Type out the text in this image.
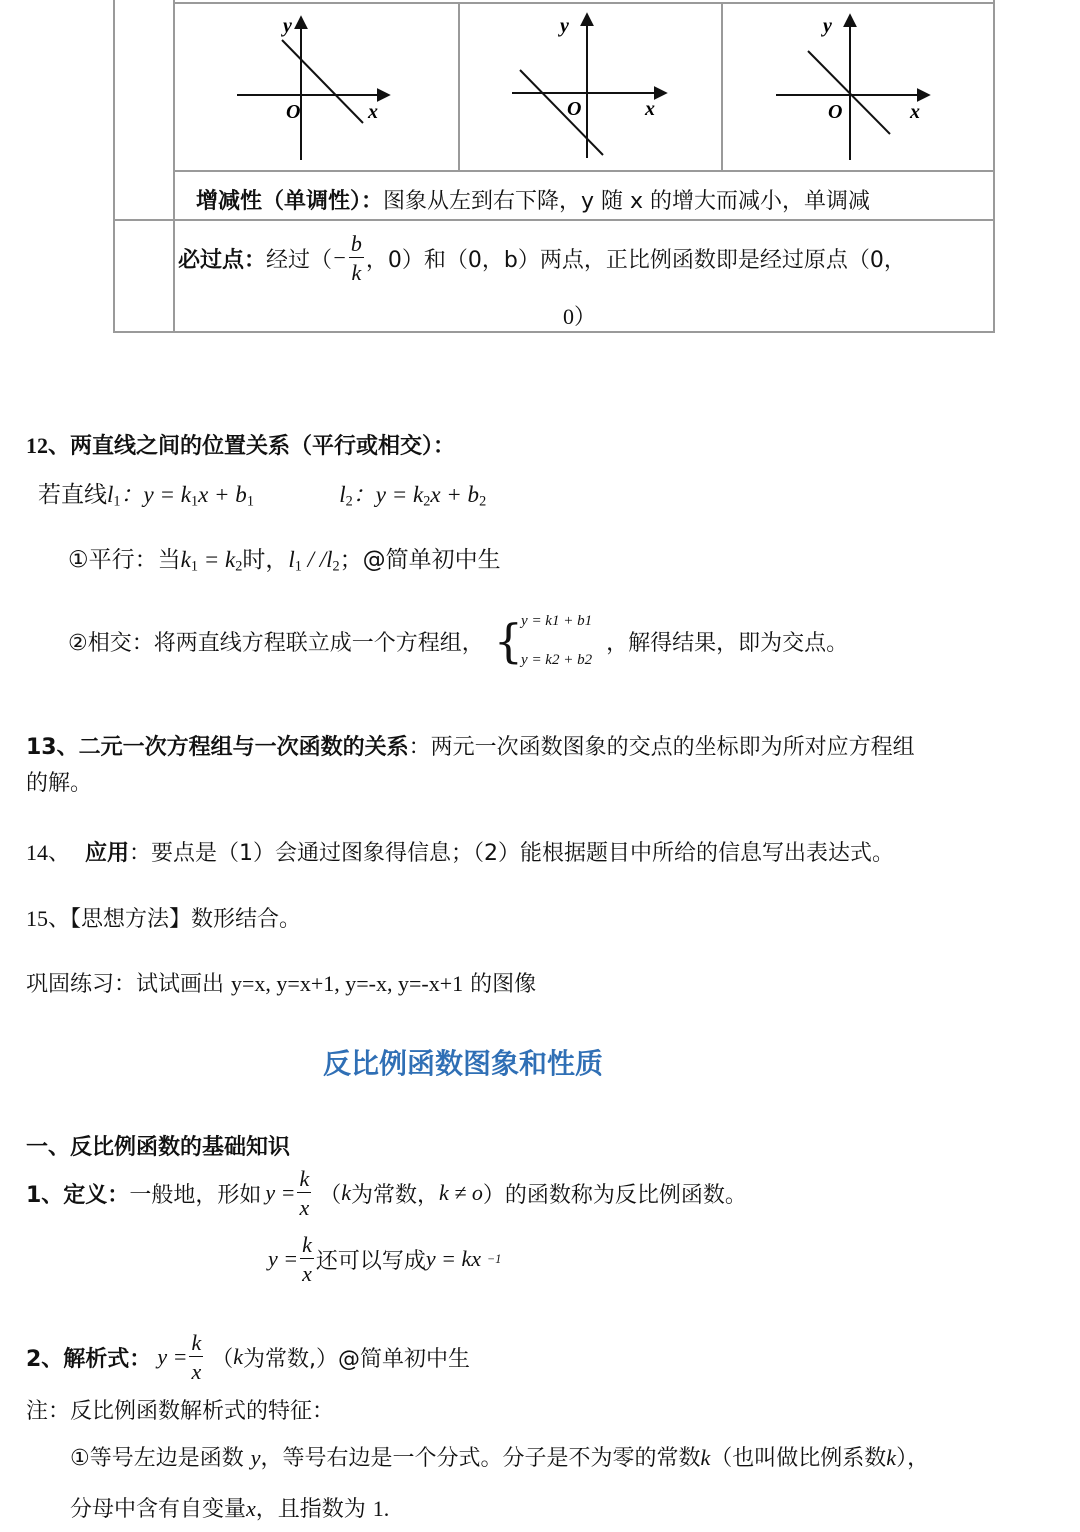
y
O	x
y
O	x
y
O	x
增减性（单调性）：图象从左到右下降，y 随 x 的增大而减小，单调减
必过点： 经过（ − $\frac{b}{k}$ ，0）和（0，b）两点，正比例函数即是经过原点（0，
0）
12、两直线之间的位置关系（平行或相交）：
若直线$l_1$：$y = k_1x + b_1$	$l_2$：$y = k_2x + b_2$
①平行：当$k_1 = k_2$时，$l_1 / /l_2$；@简单初中生
②相交： 将两直线方程联立成一个方程组， {
y = k1 + b1
y = k2 + b2
，解得结果，即为交点。
13、二元一次方程组与一次函数的关系：两元一次函数图象的交点的坐标即为所对应方程组
的解。
14、 应用：要点是（1）会通过图象得信息；（2）能根据题目中所给的信息写出表达式。
15、【思想方法】数形结合。
巩固练习：试试画出 y=x, y=x+1, y=-x, y=-x+1 的图像
反比例函数图象和性质
一、反比例函数的基础知识
1、定义： 一般地，形如 $y = \frac{k}{x}$ （ k 为常数， k ≠ o ）的函数称为反比例函数。
$y = \frac{k}{x}$ 还可以写成 y = kx −1
2、解析式： $y = \frac{k}{x}$ （ k 为常数,）@简单初中生
注：反比例函数解析式的特征：
①等号左边是函数 y，等号右边是一个分式。分子是不为零的常数k（也叫做比例系数k），
分母中含有自变量x，且指数为 1.
